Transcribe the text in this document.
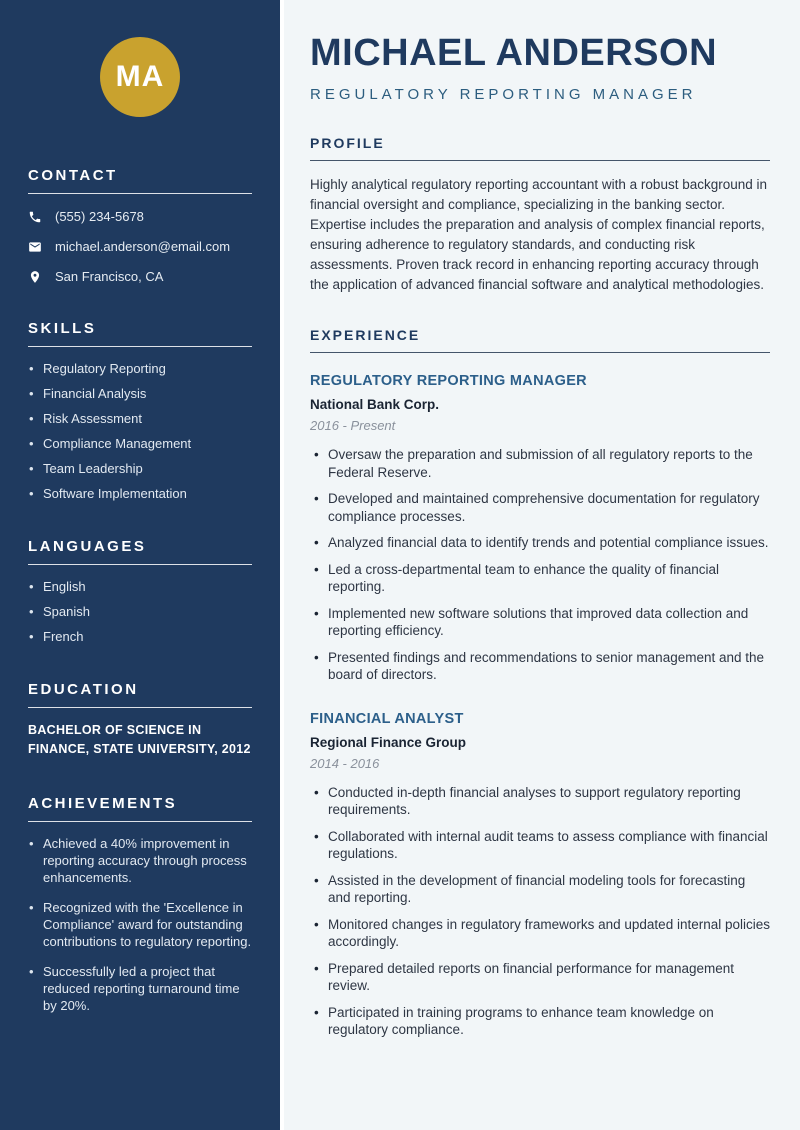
MA
CONTACT
(555) 234-5678
michael.anderson@email.com
San Francisco, CA
SKILLS
• Regulatory Reporting
• Financial Analysis
• Risk Assessment
• Compliance Management
• Team Leadership
• Software Implementation
LANGUAGES
• English
• Spanish
• French
EDUCATION

BACHELOR OF SCIENCE IN FINANCE, STATE UNIVERSITY, 2012

ACHIEVEMENTS
• Achieved a 40% improvement in reporting accuracy through process enhancements.
• Recognized with the 'Excellence in Compliance' award for outstanding contributions to regulatory reporting.
• Successfully led a project that reduced reporting turnaround time by 20%.
MICHAEL ANDERSON
REGULATORY REPORTING MANAGER
PROFILE

Highly analytical regulatory reporting accountant with a robust background in financial oversight and compliance, specializing in the banking sector. Expertise includes the preparation and analysis of complex financial reports, ensuring adherence to regulatory standards, and conducting risk assessments. Proven track record in enhancing reporting accuracy through the application of advanced financial software and analytical methodologies.

EXPERIENCE
REGULATORY REPORTING MANAGER
National Bank Corp.
2016 - Present
• Oversaw the preparation and submission of all regulatory reports to the Federal Reserve.
• Developed and maintained comprehensive documentation for regulatory compliance processes.
• Analyzed financial data to identify trends and potential compliance issues.
• Led a cross-departmental team to enhance the quality of financial reporting.
• Implemented new software solutions that improved data collection and reporting efficiency.
• Presented findings and recommendations to senior management and the board of directors.
FINANCIAL ANALYST
Regional Finance Group
2014 - 2016
• Conducted in-depth financial analyses to support regulatory reporting requirements.
• Collaborated with internal audit teams to assess compliance with financial regulations.
• Assisted in the development of financial modeling tools for forecasting and reporting.
• Monitored changes in regulatory frameworks and updated internal policies accordingly.
• Prepared detailed reports on financial performance for management review.
• Participated in training programs to enhance team knowledge on regulatory compliance.
